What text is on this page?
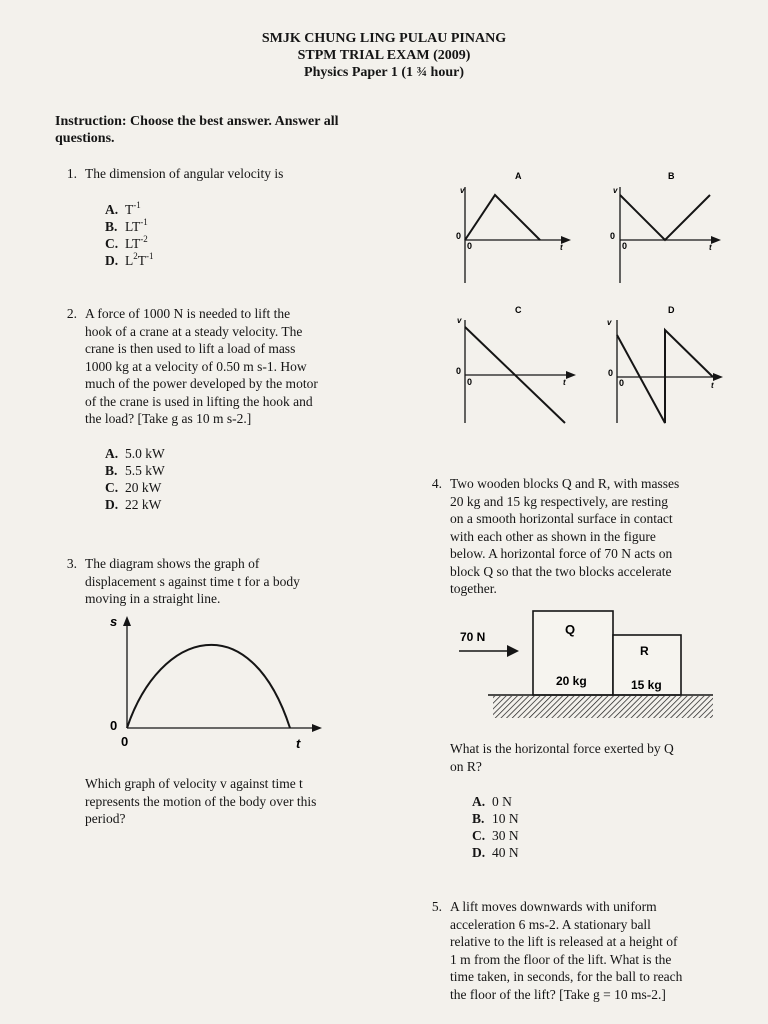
SMJK CHUNG LING PULAU PINANG
STPM TRIAL EXAM (2009)
Physics Paper 1 (1 ¾ hour)
Instruction: Choose the best answer. Answer all questions.
1. The dimension of angular velocity is
A. $T^{-1}$
B. $LT^{-1}$
C. $LT^{-2}$
D. $L^2T^{-1}$
2. A force of 1000 N is needed to lift the
hook of a crane at a steady velocity. The
crane is then used to lift a load of mass
1000 kg at a velocity of 0.50 m s-1. How
much of the power developed by the motor
of the crane is used in lifting the hook and
the load? [Take g as 10 m s-2.]
A. 5.0 kW
B. 5.5 kW
C. 20 kW
D. 22 kW
3. The diagram shows the graph of
displacement s against time t for a body
moving in a straight line.
s
t
0
0
Which graph of velocity v against time t
represents the motion of the body over this
period?
A
v
0
0	t
B
v
0
0	t
C
v
0
0	t
D
v
0
0	t
4. Two wooden blocks Q and R, with masses
20 kg and 15 kg respectively, are resting
on a smooth horizontal surface in contact
with each other as shown in the figure
below. A horizontal force of 70 N acts on
block Q so that the two blocks accelerate
together.
70 N	Q
R
20 kg	15 kg
What is the horizontal force exerted by Q
on R?
A. 0 N
B. 10 N
C. 30 N
D. 40 N
5. A lift moves downwards with uniform
acceleration 6 ms-2. A stationary ball
relative to the lift is released at a height of
1 m from the floor of the lift. What is the
time taken, in seconds, for the ball to reach
the floor of the lift? [Take g = 10 ms-2.]
